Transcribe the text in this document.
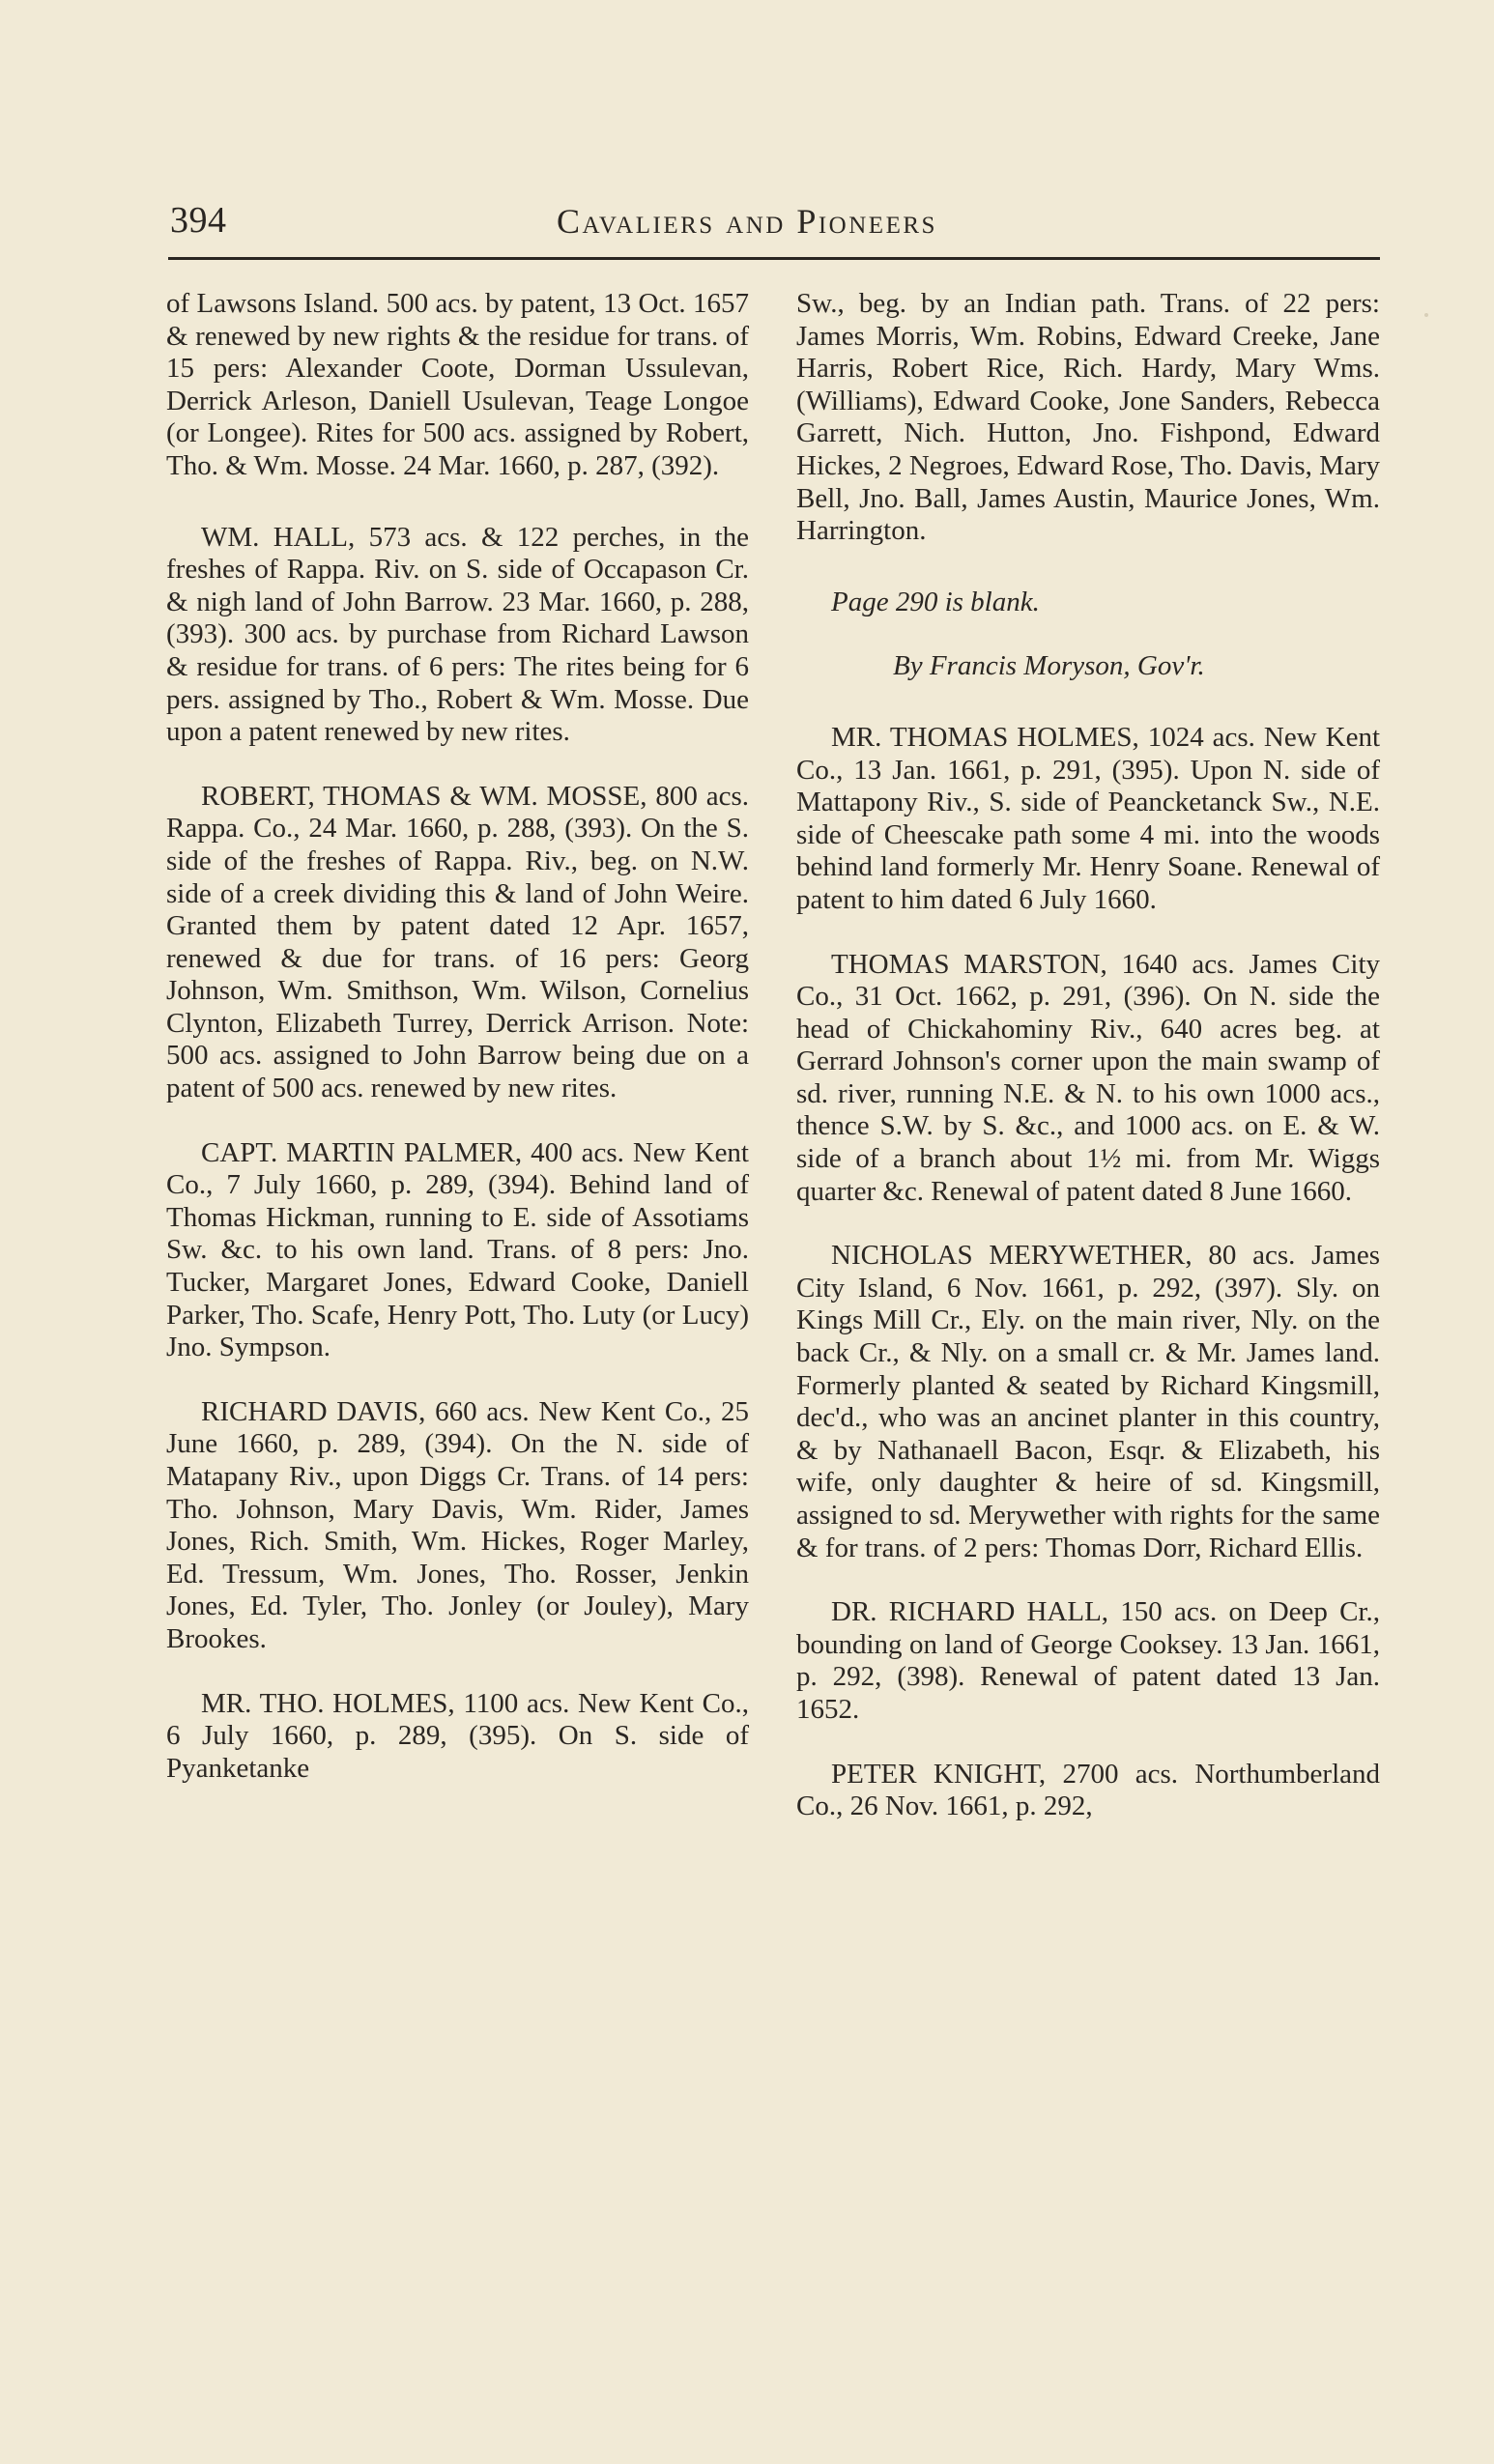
394	Cavaliers and Pioneers

of Lawsons Island. 500 acs. by patent, 13 Oct. 1657 & renewed by new rights & the residue for trans. of 15 pers: Alexander Coote, Dorman Ussulevan, Derrick Arleson, Daniell Usulevan, Teage Longoe (or Longee). Rites for 500 acs. assigned by Robert, Tho. & Wm. Mosse. 24 Mar. 1660, p. 287, (392).

WM. HALL, 573 acs. & 122 perches, in the freshes of Rappa. Riv. on S. side of Occapason Cr. & nigh land of John Barrow. 23 Mar. 1660, p. 288, (393). 300 acs. by purchase from Richard Lawson & residue for trans. of 6 pers: The rites being for 6 pers. assigned by Tho., Robert & Wm. Mosse. Due upon a patent renewed by new rites.

ROBERT, THOMAS & WM. MOSSE, 800 acs. Rappa. Co., 24 Mar. 1660, p. 288, (393). On the S. side of the freshes of Rappa. Riv., beg. on N.W. side of a creek dividing this & land of John Weire. Granted them by patent dated 12 Apr. 1657, renewed & due for trans. of 16 pers: Georg Johnson, Wm. Smithson, Wm. Wilson, Cornelius Clynton, Elizabeth Turrey, Derrick Arrison. Note: 500 acs. assigned to John Barrow being due on a patent of 500 acs. renewed by new rites.

CAPT. MARTIN PALMER, 400 acs. New Kent Co., 7 July 1660, p. 289, (394). Behind land of Thomas Hickman, running to E. side of Assotiams Sw. &c. to his own land. Trans. of 8 pers: Jno. Tucker, Margaret Jones, Edward Cooke, Daniell Parker, Tho. Scafe, Henry Pott, Tho. Luty (or Lucy) Jno. Sympson.

RICHARD DAVIS, 660 acs. New Kent Co., 25 June 1660, p. 289, (394). On the N. side of Matapany Riv., upon Diggs Cr. Trans. of 14 pers: Tho. Johnson, Mary Davis, Wm. Rider, James Jones, Rich. Smith, Wm. Hickes, Roger Marley, Ed. Tressum, Wm. Jones, Tho. Rosser, Jenkin Jones, Ed. Tyler, Tho. Jonley (or Jouley), Mary Brookes.

MR. THO. HOLMES, 1100 acs. New Kent Co., 6 July 1660, p. 289, (395). On S. side of Pyanketanke

Sw., beg. by an Indian path. Trans. of 22 pers: James Morris, Wm. Robins, Edward Creeke, Jane Harris, Robert Rice, Rich. Hardy, Mary Wms. (Williams), Edward Cooke, Jone Sanders, Rebecca Garrett, Nich. Hutton, Jno. Fishpond, Edward Hickes, 2 Negroes, Edward Rose, Tho. Davis, Mary Bell, Jno. Ball, James Austin, Maurice Jones, Wm. Harrington.

Page 290 is blank.

By Francis Moryson, Gov'r.

MR. THOMAS HOLMES, 1024 acs. New Kent Co., 13 Jan. 1661, p. 291, (395). Upon N. side of Mattapony Riv., S. side of Peancketanck Sw., N.E. side of Cheescake path some 4 mi. into the woods behind land formerly Mr. Henry Soane. Renewal of patent to him dated 6 July 1660.

THOMAS MARSTON, 1640 acs. James City Co., 31 Oct. 1662, p. 291, (396). On N. side the head of Chickahominy Riv., 640 acres beg. at Gerrard Johnson's corner upon the main swamp of sd. river, running N.E. & N. to his own 1000 acs., thence S.W. by S. &c., and 1000 acs. on E. & W. side of a branch about 1½ mi. from Mr. Wiggs quarter &c. Renewal of patent dated 8 June 1660.

NICHOLAS MERYWETHER, 80 acs. James City Island, 6 Nov. 1661, p. 292, (397). Sly. on Kings Mill Cr., Ely. on the main river, Nly. on the back Cr., & Nly. on a small cr. & Mr. James land. Formerly planted & seated by Richard Kingsmill, dec'd., who was an ancinet planter in this country, & by Nathanaell Bacon, Esqr. & Elizabeth, his wife, only daughter & heire of sd. Kingsmill, assigned to sd. Merywether with rights for the same & for trans. of 2 pers: Thomas Dorr, Richard Ellis.

DR. RICHARD HALL, 150 acs. on Deep Cr., bounding on land of George Cooksey. 13 Jan. 1661, p. 292, (398). Renewal of patent dated 13 Jan. 1652.

PETER KNIGHT, 2700 acs. Northumberland Co., 26 Nov. 1661, p. 292,
